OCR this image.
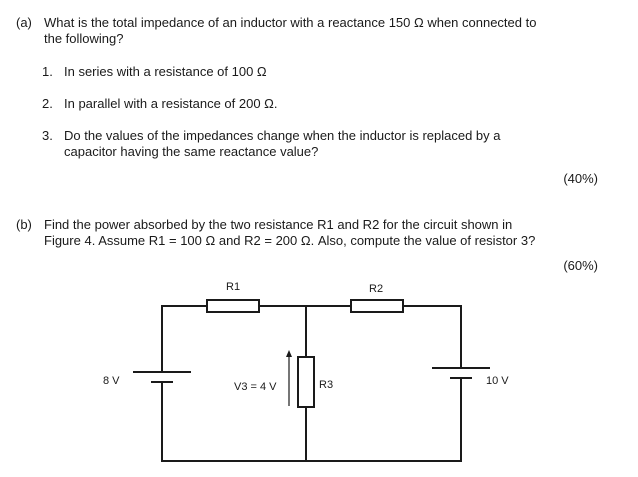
(a) What is the total impedance of an inductor with a reactance 150 Ω when connected to
the following?
1. In series with a resistance of 100 Ω
2. In parallel with a resistance of 200 Ω.
3. Do the values of the impedances change when the inductor is replaced by a
capacitor having the same reactance value?
(40%)
(b) Find the power absorbed by the two resistance R1 and R2 for the circuit shown in
Figure 4. Assume R1 = 100 Ω and R2 = 200 Ω. Also, compute the value of resistor 3?
(60%)
R1	R2
R3
V3 = 4 V
8 V	10 V
